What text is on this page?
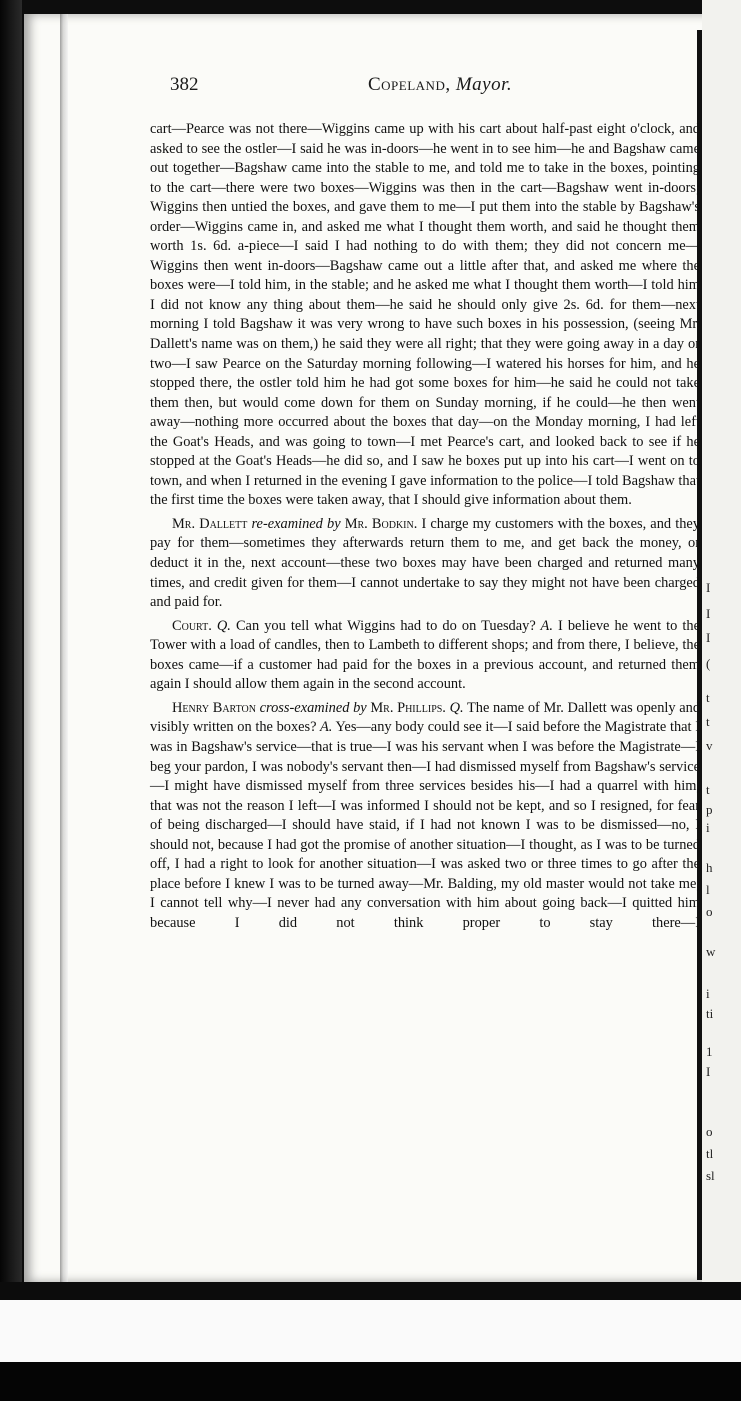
382	Copeland, Mayor.

cart—Pearce was not there—Wiggins came up with his cart about half-past eight o'clock, and asked to see the ostler—I said he was in-doors—he went in to see him—he and Bagshaw came out together—Bagshaw came into the stable to me, and told me to take in the boxes, pointing to the cart—there were two boxes—Wiggins was then in the cart—Bagshaw went in-doors; Wiggins then untied the boxes, and gave them to me—I put them into the stable by Bagshaw's order—Wiggins came in, and asked me what I thought them worth, and said he thought them worth 1s. 6d. a-piece—I said I had nothing to do with them; they did not concern me—Wiggins then went in-doors—Bagshaw came out a little after that, and asked me where the boxes were—I told him, in the stable; and he asked me what I thought them worth—I told him I did not know any thing about them—he said he should only give 2s. 6d. for them—next morning I told Bagshaw it was very wrong to have such boxes in his possession, (seeing Mr. Dallett's name was on them,) he said they were all right; that they were going away in a day or two—I saw Pearce on the Saturday morning following—I watered his horses for him, and he stopped there, the ostler told him he had got some boxes for him—he said he could not take them then, but would come down for them on Sunday morning, if he could—he then went away—nothing more occurred about the boxes that day—on the Monday morning, I had left the Goat's Heads, and was going to town—I met Pearce's cart, and looked back to see if he stopped at the Goat's Heads—he did so, and I saw he boxes put up into his cart—I went on to town, and when I returned in the evening I gave information to the police—I told Bagshaw that the first time the boxes were taken away, that I should give information about them.

Mr. Dallett re-examined by Mr. Bodkin. I charge my customers with the boxes, and they pay for them—sometimes they afterwards return them to me, and get back the money, or deduct it in the, next account—these two boxes may have been charged and returned many times, and credit given for them—I cannot undertake to say they might not have been charged and paid for.

Court. Q. Can you tell what Wiggins had to do on Tuesday? A. I believe he went to the Tower with a load of candles, then to Lambeth to different shops; and from there, I believe, the boxes came—if a customer had paid for the boxes in a previous account, and returned them again I should allow them again in the second account.

Henry Barton cross-examined by Mr. Phillips. Q. The name of Mr. Dallett was openly and visibly written on the boxes? A. Yes—any body could see it—I said before the Magistrate that I was in Bagshaw's service—that is true—I was his servant when I was before the Magistrate—I beg your pardon, I was nobody's servant then—I had dismissed myself from Bagshaw's service—I might have dismissed myself from three services besides his—I had a quarrel with him, that was not the reason I left—I was informed I should not be kept, and so I resigned, for fear of being discharged—I should have staid, if I had not known I was to be dismissed—no, I should not, because I had got the promise of another situation—I thought, as I was to be turned off, I had a right to look for another situation—I was asked two or three times to go after the place before I knew I was to be turned away—Mr. Balding, my old master would not take me, I cannot tell why—I never had any conversation with him about going back—I quitted him because I did not think proper to stay there—I

I
I
I
(
t
t
v
t
p
i
h
l
o
w
i
ti
1
I
o
tl
sl
